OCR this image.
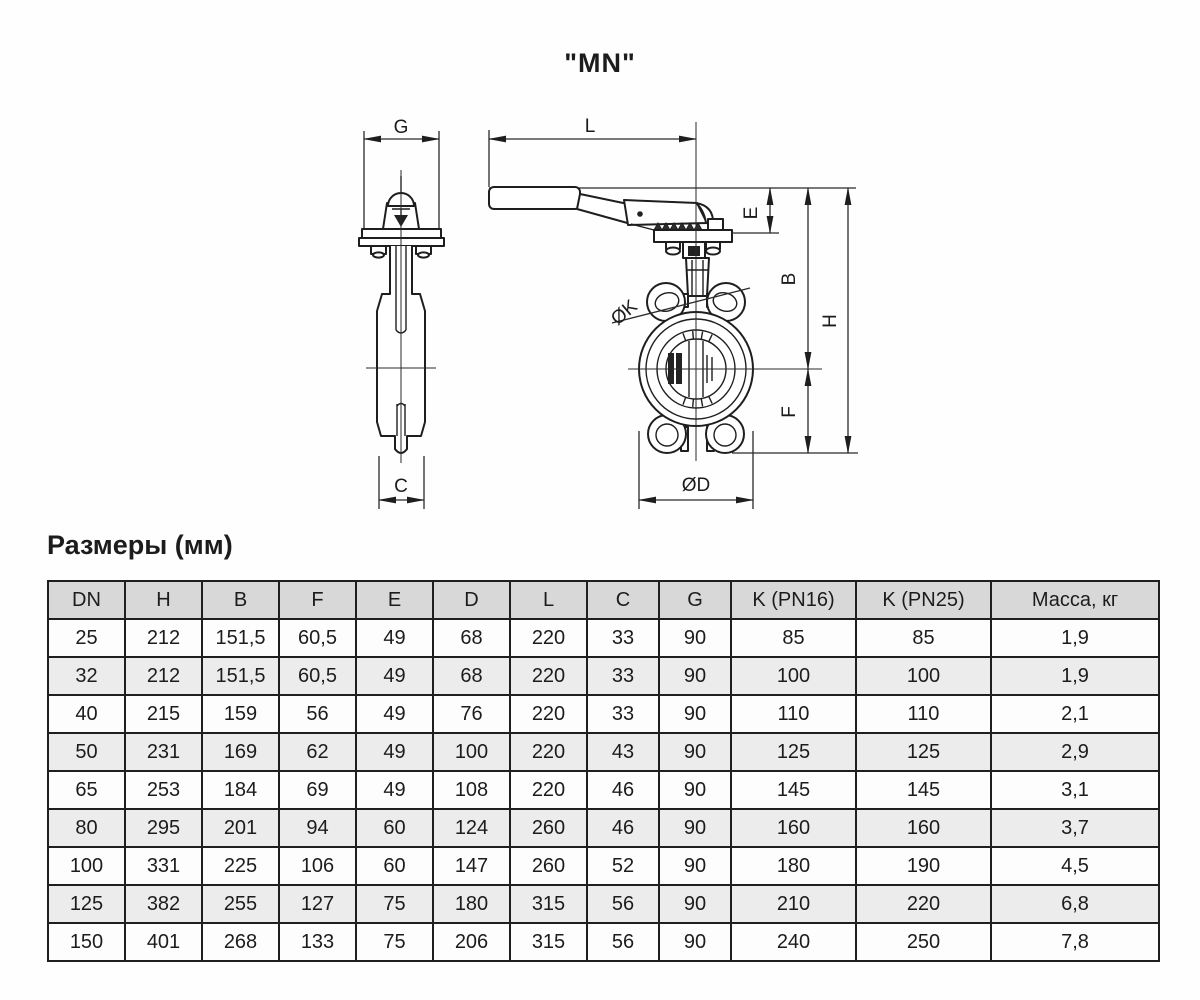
"MN"
G
C
L
ØK
ØD
E
B
H
F
Размеры (мм)
DN	H	B	F	E	D	L	C	G	K (PN16)	K (PN25)	Масса, кг
25	212	151,5	60,5	49	68	220	33	90	85	85	1,9
32	212	151,5	60,5	49	68	220	33	90	100	100	1,9
40	215	159	56	49	76	220	33	90	110	110	2,1
50	231	169	62	49	100	220	43	90	125	125	2,9
65	253	184	69	49	108	220	46	90	145	145	3,1
80	295	201	94	60	124	260	46	90	160	160	3,7
100	331	225	106	60	147	260	52	90	180	190	4,5
125	382	255	127	75	180	315	56	90	210	220	6,8
150	401	268	133	75	206	315	56	90	240	250	7,8
